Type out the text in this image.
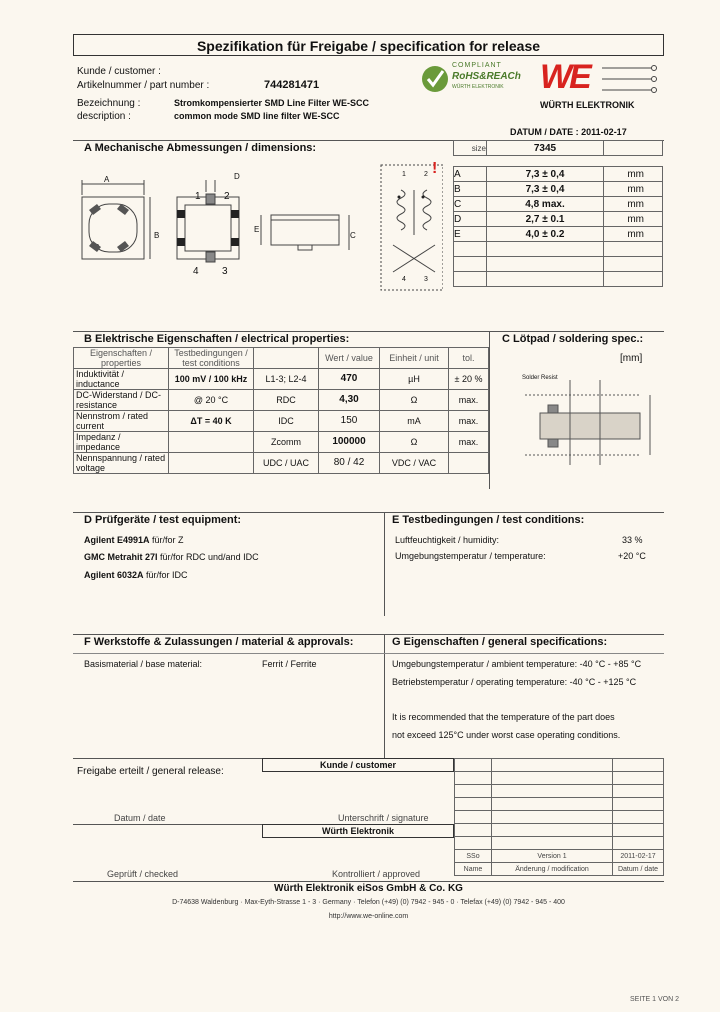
Spezifikation für Freigabe / specification for release
Kunde / customer :
Artikelnummer / part number :	744281471
Bezeichnung :	Stromkompensierter SMD Line Filter WE-SCC
description :	common mode SMD line filter WE-SCC
COMPLIANT
RoHS&REACh
WÜRTH ELEKTRONIK WE
WÜRTH ELEKTRONIK
DATUM / DATE : 2011-02-17
A Mechanische Abmessungen / dimensions:
A
B
D
E
C
1 2
4 3
1	2
4	3
!
size	7345	

A	7,3 ± 0,4	mm
B	7,3 ± 0,4	mm
C	4,8 max.	mm
D	2,7 ± 0.1	mm
E	4,0 ± 0.2	mm

B Elektrische Eigenschaften / electrical properties:
Eigenschaften / properties	Testbedingungen / test conditions		Wert / value	Einheit / unit	tol.
Induktivität / inductance	100 mV / 100 kHz	L1-3; L2-4	470	µH	± 20 %
DC-Widerstand / DC-resistance	@ 20 °C	RDC	4,30	Ω	max.
Nennstrom / rated current	ΔT = 40 K	IDC	150	mA	max.
Impedanz / impedance		Zcomm	100000	Ω	max.
Nennspannung / rated voltage		UDC / UAC	80 / 42	VDC / VAC	
C Lötpad / soldering spec.:
[mm]
Solder Resist
D Prüfgeräte / test equipment:	E Testbedingungen / test conditions:
Agilent E4991A für/for Z
GMC Metrahit 27I für/for RDC und/and IDC
Agilent 6032A für/for IDC
Luftfeuchtigkeit / humidity:	33 %
Umgebungstemperatur / temperature:	+20 °C
F Werkstoffe & Zulassungen / material & approvals:	G Eigenschaften / general specifications:
Basismaterial / base material:	Ferrit / Ferrite	Umgebungstemperatur / ambient temperature: -40 °C - +85 °C
Betriebstemperatur / operating temperature: -40 °C - +125 °C
It is recommended that the temperature of the part does
not exceed 125°C under worst case operating conditions.
Freigabe erteilt / general release:
Kunde / customer
Datum / date	Unterschrift / signature
Würth Elektronik
Geprüft / checked	Kontrolliert / approved

SSo	Version 1	2011-02-17
Name	Änderung / modification	Datum / date
Würth Elektronik eiSos GmbH & Co. KG
D-74638 Waldenburg · Max-Eyth-Strasse 1 - 3 · Germany · Telefon (+49) (0) 7942 - 945 - 0 · Telefax (+49) (0) 7942 - 945 - 400
http://www.we-online.com
SEITE 1 VON 2
